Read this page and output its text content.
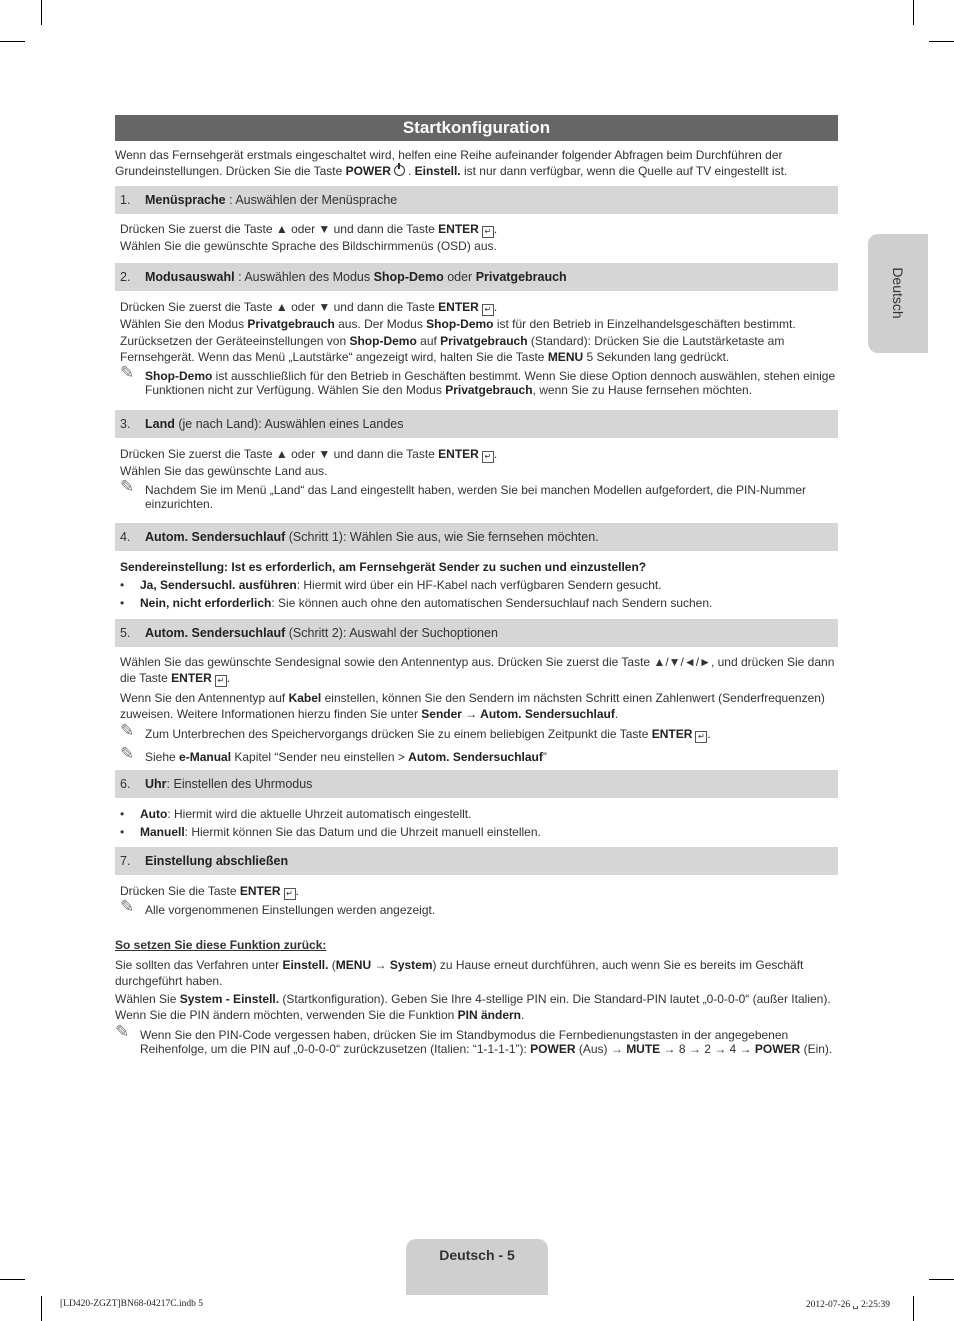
Startkonfiguration
Wenn das Fernsehgerät erstmals eingeschaltet wird, helfen eine Reihe aufeinander folgender Abfragen beim Durchführen der Grundeinstellungen. Drücken Sie die Taste POWER . Einstell. ist nur dann verfügbar, wenn die Quelle auf TV eingestellt ist.
1. Menüsprache : Auswählen der Menüsprache

Drücken Sie zuerst die Taste ▲ oder ▼ und dann die Taste ENTER ↵ .

Wählen Sie die gewünschte Sprache des Bildschirmmenüs (OSD) aus.

2. Modusauswahl : Auswählen des Modus Shop-Demo oder Privatgebrauch

Drücken Sie zuerst die Taste ▲ oder ▼ und dann die Taste ENTER ↵ .

Wählen Sie den Modus Privatgebrauch aus. Der Modus Shop-Demo ist für den Betrieb in Einzelhandelsgeschäften bestimmt.

Zurücksetzen der Geräteeinstellungen von Shop-Demo auf Privatgebrauch (Standard): Drücken Sie die Lautstärketaste am Fernsehgerät. Wenn das Menü „Lautstärke“ angezeigt wird, halten Sie die Taste MENU 5 Sekunden lang gedrückt.

✎ Shop-Demo ist ausschließlich für den Betrieb in Geschäften bestimmt. Wenn Sie diese Option dennoch auswählen, stehen einige Funktionen nicht zur Verfügung. Wählen Sie den Modus Privatgebrauch, wenn Sie zu Hause fernsehen möchten.
3. Land (je nach Land): Auswählen eines Landes

Drücken Sie zuerst die Taste ▲ oder ▼ und dann die Taste ENTER ↵ .

Wählen Sie das gewünschte Land aus.

✎ Nachdem Sie im Menü „Land“ das Land eingestellt haben, werden Sie bei manchen Modellen aufgefordert, die PIN-Nummer einzurichten.
4. Autom. Sendersuchlauf (Schritt 1): Wählen Sie aus, wie Sie fernsehen möchten.

Sendereinstellung: Ist es erforderlich, am Fernsehgerät Sender zu suchen und einzustellen?

• Ja, Sendersuchl. ausführen: Hiermit wird über ein HF-Kabel nach verfügbaren Sendern gesucht.
• Nein, nicht erforderlich: Sie können auch ohne den automatischen Sendersuchlauf nach Sendern suchen.
5. Autom. Sendersuchlauf (Schritt 2): Auswahl der Suchoptionen

Wählen Sie das gewünschte Sendesignal sowie den Antennentyp aus. Drücken Sie zuerst die Taste ▲/▼/◄/►, und drücken Sie dann die Taste ENTER ↵ .

Wenn Sie den Antennentyp auf Kabel einstellen, können Sie den Sendern im nächsten Schritt einen Zahlenwert (Senderfrequenzen) zuweisen. Weitere Informationen hierzu finden Sie unter Sender → Autom. Sendersuchlauf.

✎ Zum Unterbrechen des Speichervorgangs drücken Sie zu einem beliebigen Zeitpunkt die Taste ENTER ↵ .
✎ Siehe e-Manual Kapitel “Sender neu einstellen > Autom. Sendersuchlauf”
6. Uhr: Einstellen des Uhrmodus
• Auto: Hiermit wird die aktuelle Uhrzeit automatisch eingestellt.
• Manuell: Hiermit können Sie das Datum und die Uhrzeit manuell einstellen.
7. Einstellung abschließen

Drücken Sie die Taste ENTER ↵ .

✎ Alle vorgenommenen Einstellungen werden angezeigt.

So setzen Sie diese Funktion zurück:

Sie sollten das Verfahren unter Einstell. (MENU → System) zu Hause erneut durchführen, auch wenn Sie es bereits im Geschäft durchgeführt haben.

Wählen Sie System - Einstell. (Startkonfiguration). Geben Sie Ihre 4-stellige PIN ein. Die Standard-PIN lautet „0-0-0-0“ (außer Italien). Wenn Sie die PIN ändern möchten, verwenden Sie die Funktion PIN ändern.

✎ Wenn Sie den PIN-Code vergessen haben, drücken Sie im Standbymodus die Fernbedienungstasten in der angegebenen Reihenfolge, um die PIN auf „0-0-0-0“ zurückzusetzen (Italien: “1-1-1-1”): POWER (Aus) → MUTE → 8 → 2 → 4 → POWER (Ein).
Deutsch
Deutsch - 5
[LD420-ZGZT]BN68-04217C.indb 5	2012-07-26 ␣ 2:25:39
